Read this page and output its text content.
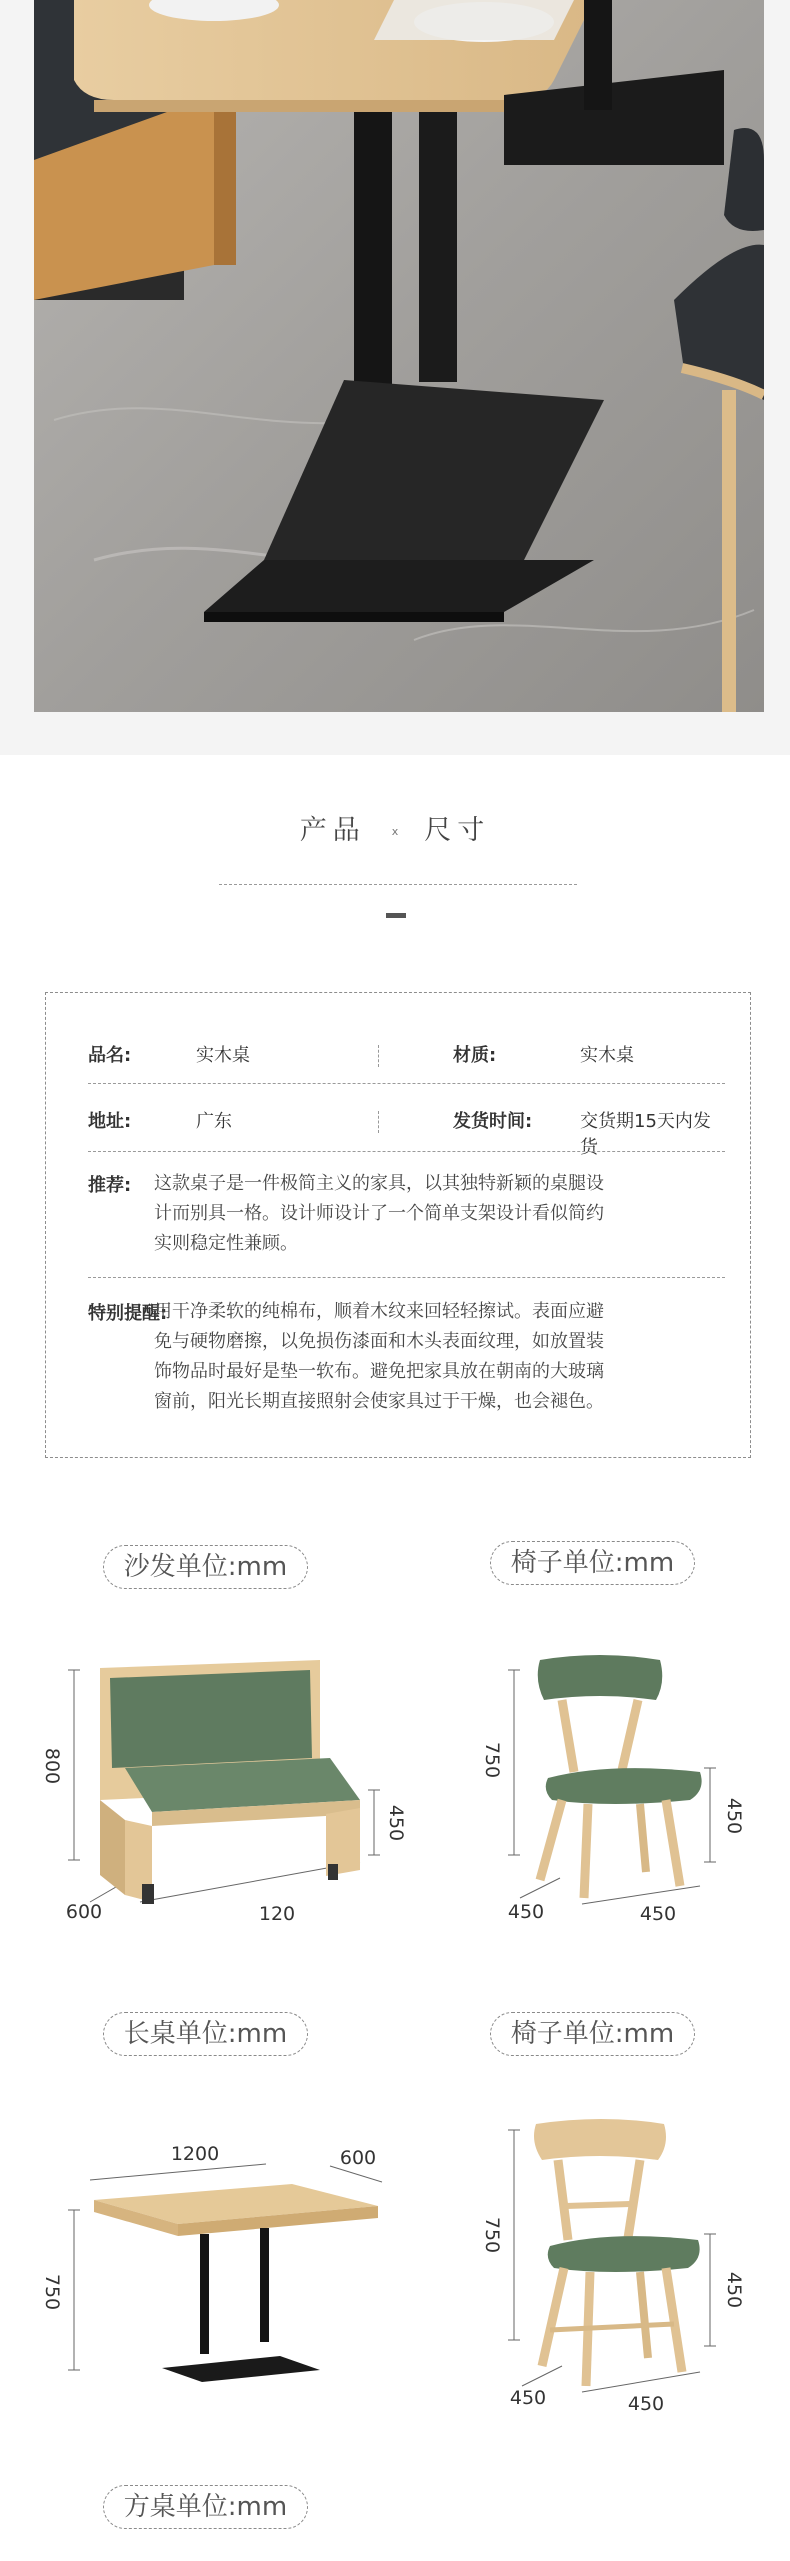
产品 x 尺寸
品名:	实木桌	材质:	实木桌
地址:	广东	发货时间:	交货期15天内发货
推荐: 这款桌子是一件极简主义的家具，以其独特新颖的桌腿设
计而别具一格。设计师设计了一个简单支架设计看似简约
实则稳定性兼顾。
特别提醒:
用干净柔软的纯棉布，顺着木纹来回轻轻擦试。表面应避
免与硬物磨擦，以免损伤漆面和木头表面纹理，如放置装
饰物品时最好是垫一软布。避免把家具放在朝南的大玻璃
窗前，阳光长期直接照射会使家具过于干燥，也会褪色。
沙发单位:mm	椅子单位:mm
长桌单位:mm	椅子单位:mm
方桌单位:mm
800
450
600	120
750
450
450	450
1200	600
750
750
450
450	450
